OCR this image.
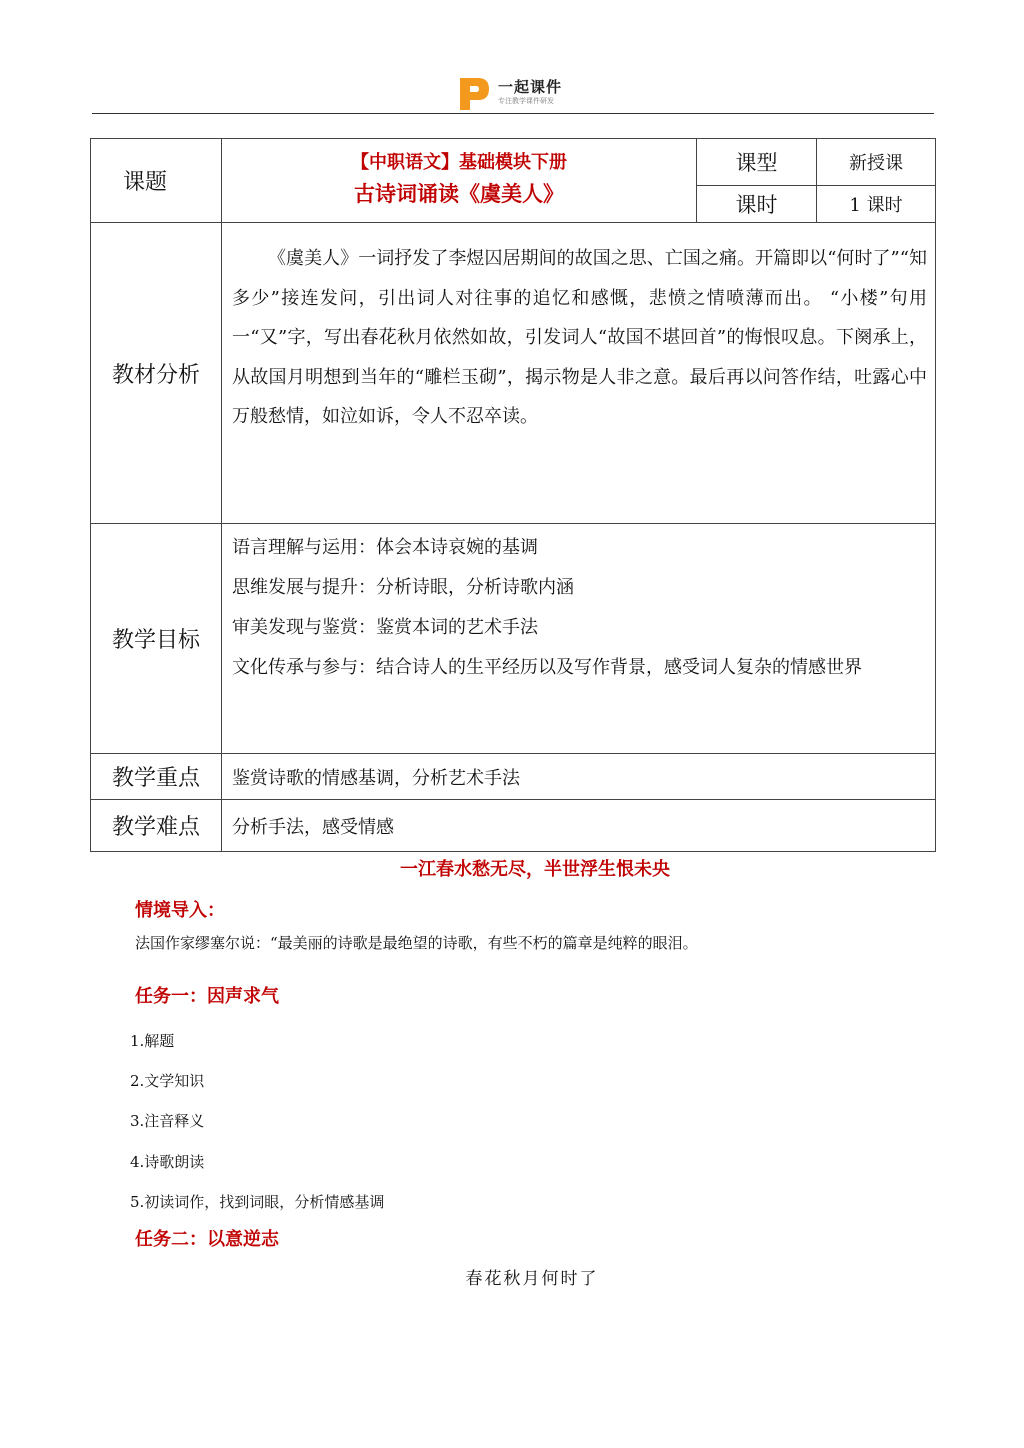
一起课件
专注教学课件研发
课题	【中职语文】基础模块下册
古诗词诵读《虞美人》	课型	新授课
		课时	1 课时
教材分析	《虞美人》一词抒发了李煜囚居期间的故国之思、亡国之痛。开篇即以“何时了”“知多少”接连发问，引出词人对往事的追忆和感慨，悲愤之情喷薄而出。 “小楼”句用一“又”字，写出春花秋月依然如故，引发词人“故国不堪回首”的悔恨叹息。下阕承上，从故国月明想到当年的“雕栏玉砌”，揭示物是人非之意。最后再以问答作结，吐露心中万般愁情，如泣如诉，令人不忍卒读。		
教学目标	语言理解与运用：体会本诗哀婉的基调
思维发展与提升：分析诗眼，分析诗歌内涵
审美发现与鉴赏：鉴赏本词的艺术手法
文化传承与参与：结合诗人的生平经历以及写作背景，感受词人复杂的情感世界		

教学重点	鉴赏诗歌的情感基调，分析艺术手法		
教学难点	分析手法，感受情感		
一江春水愁无尽，半世浮生恨未央
情境导入：
法国作家缪塞尔说：“最美丽的诗歌是最绝望的诗歌，有些不朽的篇章是纯粹的眼泪。
任务一：因声求气
1.解题
2.文学知识
3.注音释义
4.诗歌朗读
5.初读词作，找到词眼，分析情感基调
任务二：以意逆志
春花秋月何时了
